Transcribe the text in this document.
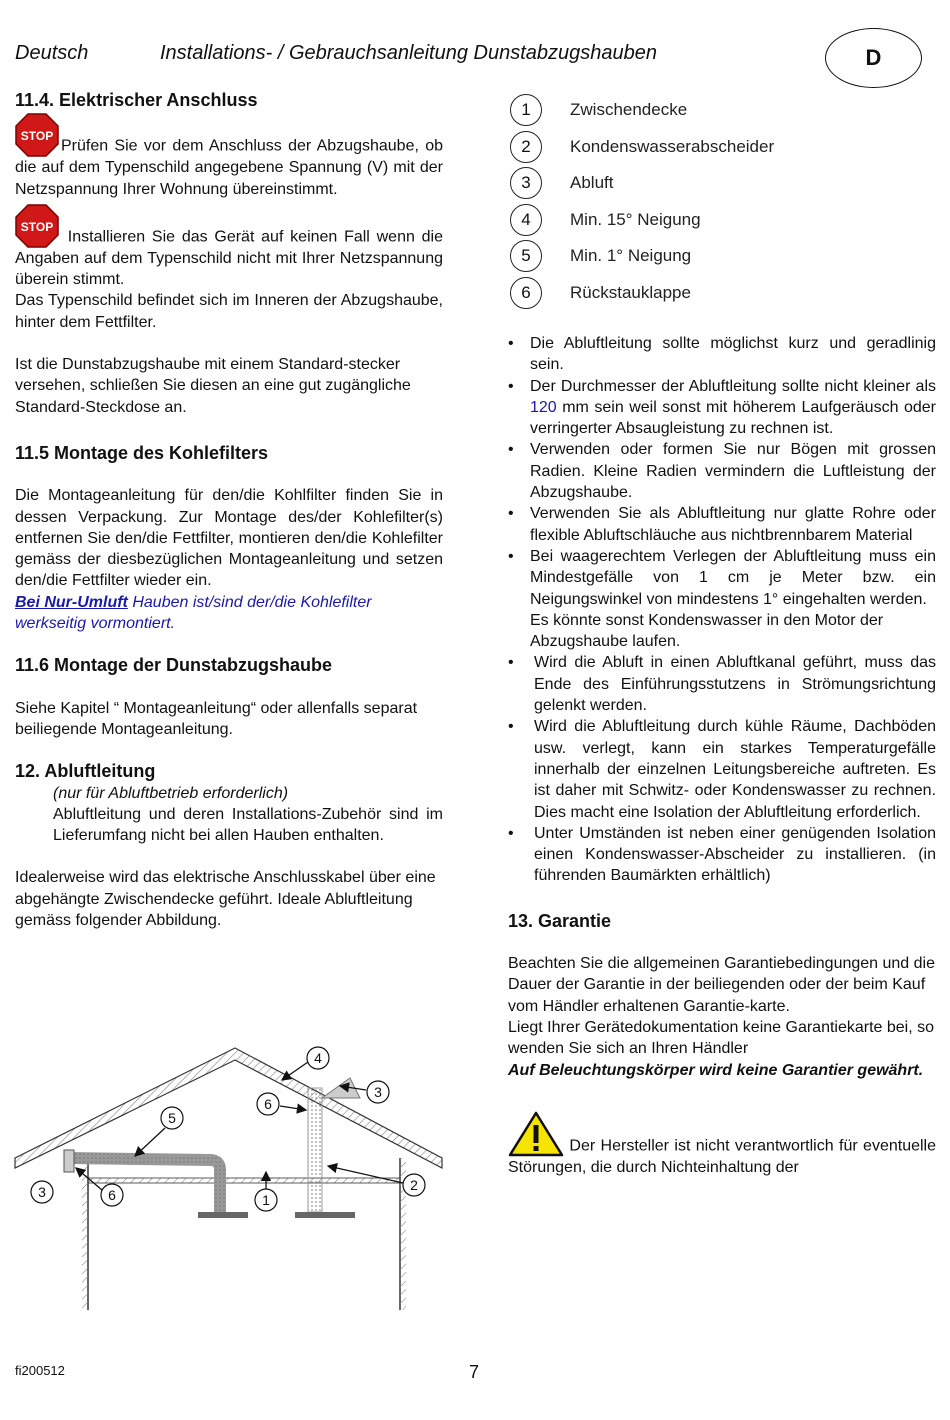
Deutsch	Installations- / Gebrauchsanleitung Dunstabzugshauben	D
11.4. Elektrischer Anschluss

STOP
Prüfen Sie vor dem Anschluss der Abzugshaube, ob die auf dem Typenschild angegebene Spannung (V) mit der Netzspannung Ihrer Wohnung übereinstimmt.

STOP
Installieren Sie das Gerät auf keinen Fall wenn die Angaben auf dem Typenschild nicht mit Ihrer Netzspannung überein stimmt.

Das Typenschild befindet sich im Inneren der Abzugshaube, hinter dem Fettfilter.

Ist die Dunstabzugshaube mit einem Standard-stecker versehen, schließen Sie diesen an eine gut zugängliche Standard-Steckdose an.

11.5 Montage des Kohlefilters

Die Montageanleitung für den/die Kohlfilter finden Sie in dessen Verpackung. Zur Montage des/der Kohlefilter(s) entfernen Sie den/die Fettfilter, montieren den/die Kohlefilter gemäss der diesbezüglichen Montageanleitung und setzen den/die Fettfilter wieder ein.

Bei Nur-Umluft Hauben ist/sind der/die Kohlefilter werkseitig vormontiert.

11.6 Montage der Dunstabzugshaube

Siehe Kapitel “ Montageanleitung“ oder allenfalls separat beiliegende Montageanleitung.

12. Abluftleitung

(nur für Abluftbetrieb erforderlich)

Abluftleitung und deren Installations-Zubehör sind im Lieferumfang nicht bei allen Hauben enthalten.

Idealerweise wird das elektrische Anschlusskabel über eine abgehängte Zwischendecke geführt. Ideale Abluftleitung gemäss folgender Abbildung.

4
3
6
5
2
1
3	6
1	Zwischendecke
2	Kondenswasserabscheider
3	Abluft
4	Min. 15° Neigung
5	Min. 1° Neigung
6	Rückstauklappe
• Die Abluftleitung sollte möglichst kurz und geradlinig sein.
• Der Durchmesser der Abluftleitung sollte nicht kleiner als 120 mm sein weil sonst mit höherem Laufgeräusch oder verringerter Absaugleistung zu rechnen ist.
• Verwenden oder formen Sie nur Bögen mit grossen Radien. Kleine Radien vermindern die Luftleistung der Abzugshaube.
• Verwenden Sie als Abluftleitung nur glatte Rohre oder flexible Abluftschläuche aus nichtbrennbarem Material
• Bei waagerechtem Verlegen der Abluftleitung muss ein Mindestgefälle von 1 cm je Meter bzw. ein Neigungswinkel von mindestens 1° eingehalten werden.

Es könnte sonst Kondenswasser in den Motor der Abzugshaube laufen.
• Wird die Abluft in einen Abluftkanal geführt, muss das Ende des Einführungsstutzens in Strömungsrichtung gelenkt werden.
• Wird die Abluftleitung durch kühle Räume, Dachböden usw. verlegt, kann ein starkes Temperaturgefälle innerhalb der einzelnen Leitungsbereiche auftreten. Es ist daher mit Schwitz- oder Kondenswasser zu rechnen. Dies macht eine Isolation der Abluftleitung erforderlich.
• Unter Umständen ist neben einer genügenden Isolation einen Kondenswasser-Abscheider zu installieren. (in führenden Baumärkten erhältlich)
13. Garantie

Beachten Sie die allgemeinen Garantiebedingungen und die Dauer der Garantie in der beiliegenden oder der beim Kauf vom Händler erhaltenen Garantie-karte.

Liegt Ihrer Gerätedokumentation keine Garantiekarte bei, so wenden Sie sich an Ihren Händler

Auf Beleuchtungskörper wird keine Garantier gewährt.

Der Hersteller ist nicht verantwortlich für eventuelle Störungen, die durch Nichteinhaltung der

fi200512	7
